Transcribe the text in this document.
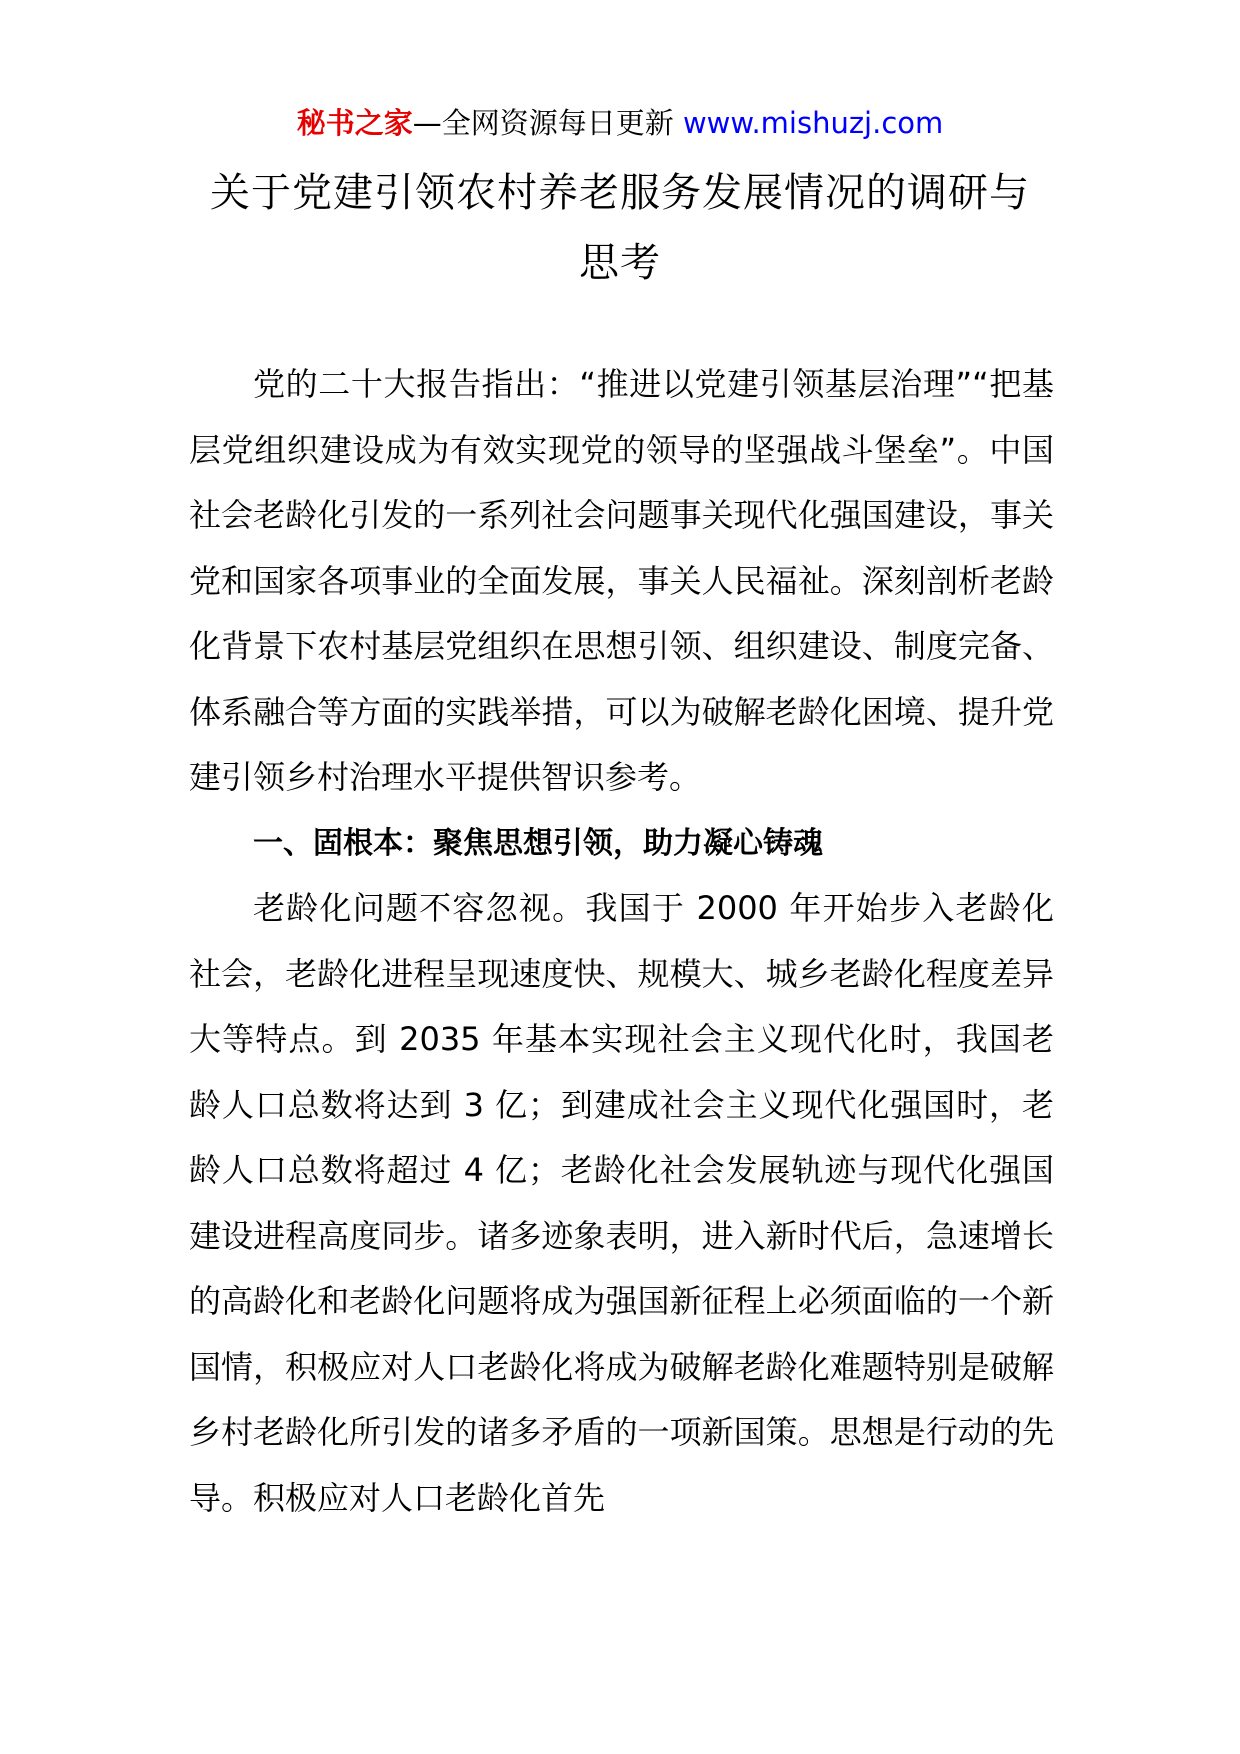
秘书之家—全网资源每日更新 www.mishuzj.com
关于党建引领农村养老服务发展情况的调研与思考

党的二十大报告指出：“推进以党建引领基层治理”“把基层党组织建设成为有效实现党的领导的坚强战斗堡垒”。中国社会老龄化引发的一系列社会问题事关现代化强国建设，事关党和国家各项事业的全面发展，事关人民福祉。深刻剖析老龄化背景下农村基层党组织在思想引领、组织建设、制度完备、体系融合等方面的实践举措，可以为破解老龄化困境、提升党建引领乡村治理水平提供智识参考。

一、固根本：聚焦思想引领，助力凝心铸魂

老龄化问题不容忽视。我国于 2000 年开始步入老龄化社会，老龄化进程呈现速度快、规模大、城乡老龄化程度差异大等特点。到 2035 年基本实现社会主义现代化时，我国老龄人口总数将达到 3 亿；到建成社会主义现代化强国时，老龄人口总数将超过 4 亿；老龄化社会发展轨迹与现代化强国建设进程高度同步。诸多迹象表明，进入新时代后，急速增长的高龄化和老龄化问题将成为强国新征程上必须面临的一个新国情，积极应对人口老龄化将成为破解老龄化难题特别是破解乡村老龄化所引发的诸多矛盾的一项新国策。思想是行动的先导。积极应对人口老龄化首先
